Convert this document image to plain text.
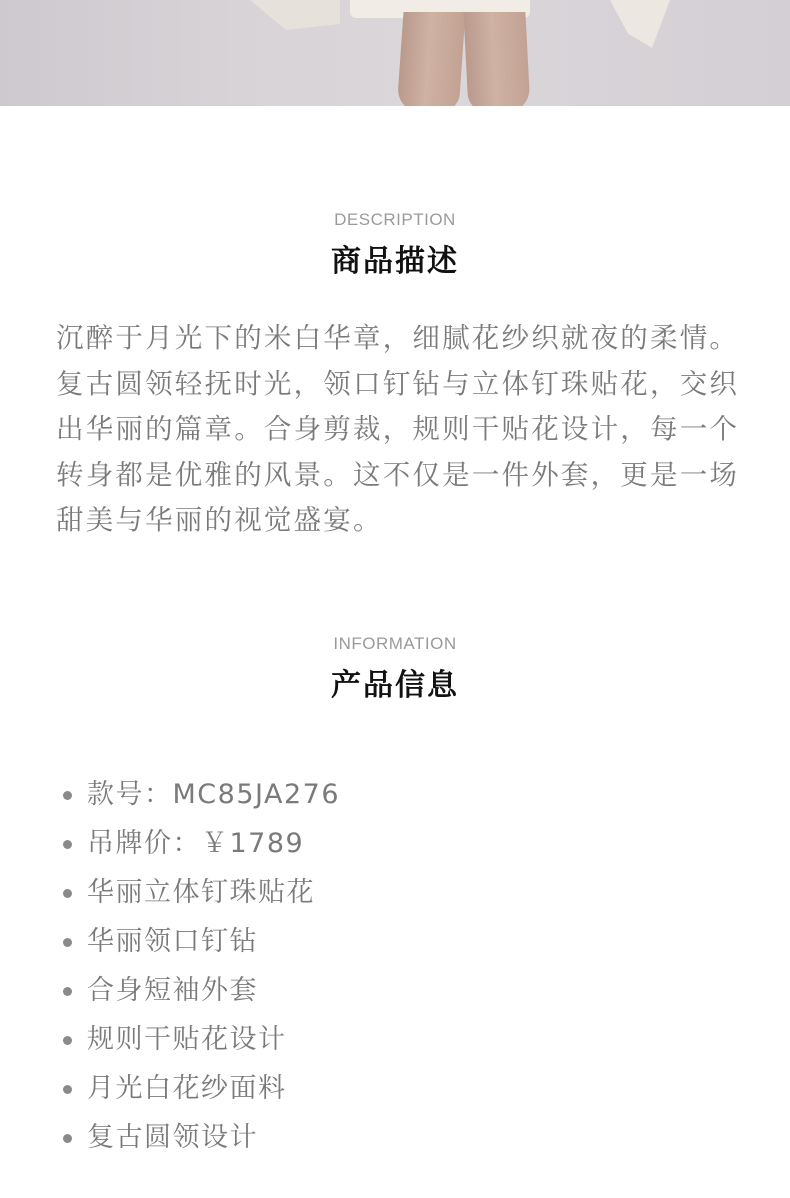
DESCRIPTION
商品描述

沉醉于月光下的米白华章，细腻花纱织就夜的柔情。复古圆领轻抚时光，领口钉钻与立体钉珠贴花，交织出华丽的篇章。合身剪裁，规则干贴花设计，每一个转身都是优雅的风景。这不仅是一件外套，更是一场甜美与华丽的视觉盛宴。

INFORMATION
产品信息
款号：MC85JA276
吊牌价：￥1789
华丽立体钉珠贴花
华丽领口钉钻
合身短袖外套
规则干贴花设计
月光白花纱面料
复古圆领设计
